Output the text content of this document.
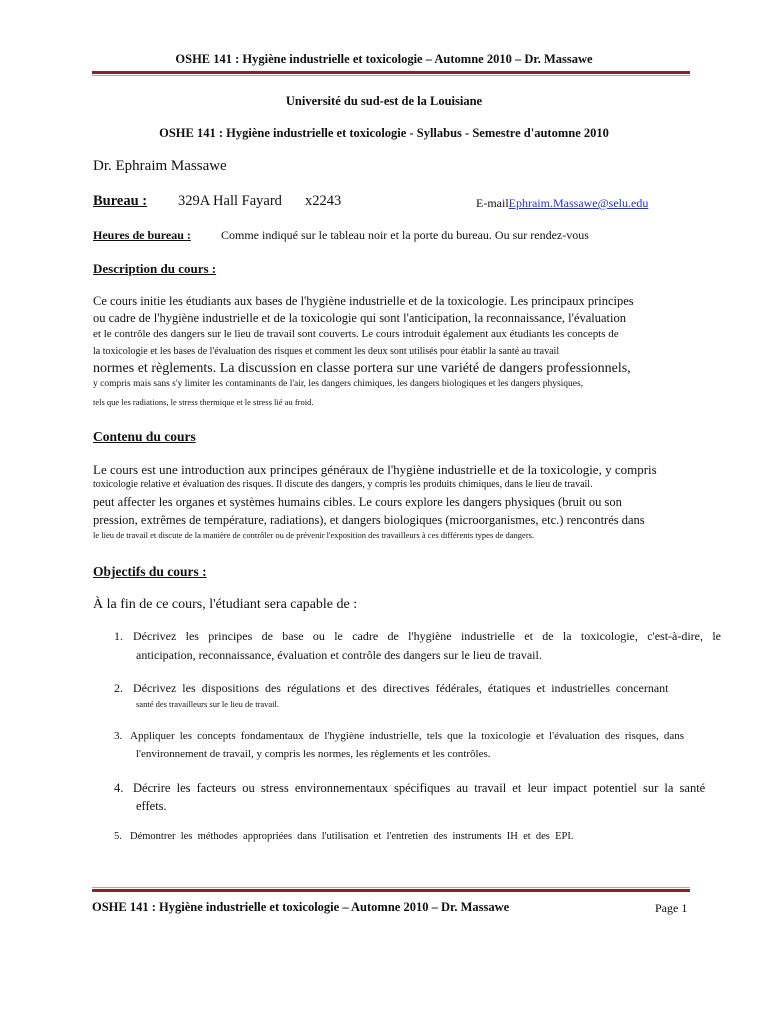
OSHE 141 : Hygiène industrielle et toxicologie – Automne 2010 – Dr. Massawe
Université du sud-est de la Louisiane
OSHE 141 : Hygiène industrielle et toxicologie - Syllabus - Semestre d'automne 2010
Dr. Ephraim Massawe
Bureau : 329A Hall Fayard x2243	E-mailEphraim.Massawe@selu.edu
Heures de bureau :	Comme indiqué sur le tableau noir et la porte du bureau. Ou sur rendez-vous
Description du cours :
Ce cours initie les étudiants aux bases de l'hygiène industrielle et de la toxicologie. Les principaux principes
ou cadre de l'hygiène industrielle et de la toxicologie qui sont l'anticipation, la reconnaissance, l'évaluation
et le contrôle des dangers sur le lieu de travail sont couverts. Le cours introduit également aux étudiants les concepts de
la toxicologie et les bases de l'évaluation des risques et comment les deux sont utilisés pour établir la santé au travail
normes et règlements. La discussion en classe portera sur une variété de dangers professionnels,
y compris mais sans s'y limiter les contaminants de l'air, les dangers chimiques, les dangers biologiques et les dangers physiques,
tels que les radiations, le stress thermique et le stress lié au froid.
Contenu du cours
Le cours est une introduction aux principes généraux de l'hygiène industrielle et de la toxicologie, y compris
toxicologie relative et évaluation des risques. Il discute des dangers, y compris les produits chimiques, dans le lieu de travail.
peut affecter les organes et systèmes humains cibles. Le cours explore les dangers physiques (bruit ou son
pression, extrêmes de température, radiations), et dangers biologiques (microorganismes, etc.) rencontrés dans
le lieu de travail et discute de la manière de contrôler ou de prévenir l'exposition des travailleurs à ces différents types de dangers.
Objectifs du cours :
À la fin de ce cours, l'étudiant sera capable de :
1. Décrivez les principes de base ou le cadre de l'hygiène industrielle et de la toxicologie, c'est-à-dire, le
anticipation, reconnaissance, évaluation et contrôle des dangers sur le lieu de travail.
2. Décrivez les dispositions des régulations et des directives fédérales, étatiques et industrielles concernant
santé des travailleurs sur le lieu de travail.
3. Appliquer les concepts fondamentaux de l'hygiène industrielle, tels que la toxicologie et l'évaluation des risques, dans
l'environnement de travail, y compris les normes, les règlements et les contrôles.
4. Décrire les facteurs ou stress environnementaux spécifiques au travail et leur impact potentiel sur la santé
effets.
5. Démontrer les méthodes appropriées dans l'utilisation et l'entretien des instruments IH et des EPI.
OSHE 141 : Hygiène industrielle et toxicologie – Automne 2010 – Dr. Massawe	Page 1
